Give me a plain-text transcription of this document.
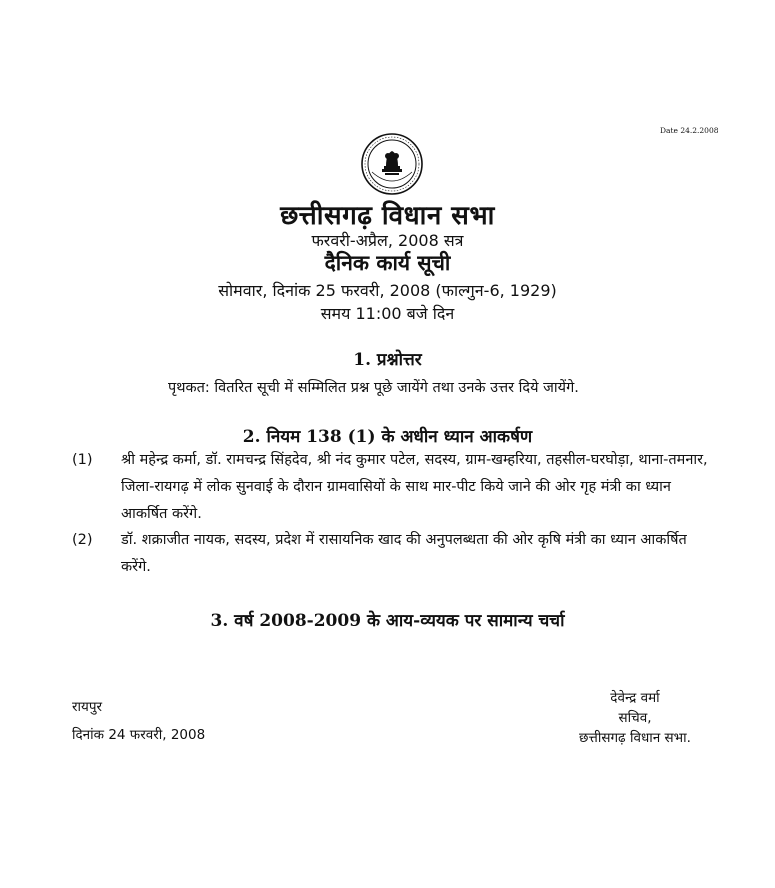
Date 24.2.2008
छत्तीसगढ़ विधान सभा
फरवरी-अप्रैल, 2008 सत्र
दैनिक कार्य सूची
सोमवार, दिनांक 25 फरवरी, 2008 (फाल्गुन-6, 1929)
समय 11:00 बजे दिन
1. प्रश्नोत्तर
पृथकत: वितरित सूची में सम्मिलित प्रश्न पूछे जायेंगे तथा उनके उत्तर दिये जायेंगे.
2. नियम 138 (1) के अधीन ध्यान आकर्षण
(1) श्री महेन्द्र कर्मा, डॉ. रामचन्द्र सिंहदेव, श्री नंद कुमार पटेल, सदस्य, ग्राम-खम्हरिया, तहसील-घरघोड़ा, थाना-तमनार, जिला-रायगढ़ में लोक सुनवाई के दौरान ग्रामवासियों के साथ मार-पीट किये जाने की ओर गृह मंत्री का ध्यान आकर्षित करेंगे.
(2) डॉ. शक्राजीत नायक, सदस्य, प्रदेश में रासायनिक खाद की अनुपलब्धता की ओर कृषि मंत्री का ध्यान आकर्षित करेंगे.
3. वर्ष 2008-2009 के आय-व्ययक पर सामान्य चर्चा
रायपुर
दिनांक 24 फरवरी, 2008
देवेन्द्र वर्मा
सचिव,
छत्तीसगढ़ विधान सभा.
